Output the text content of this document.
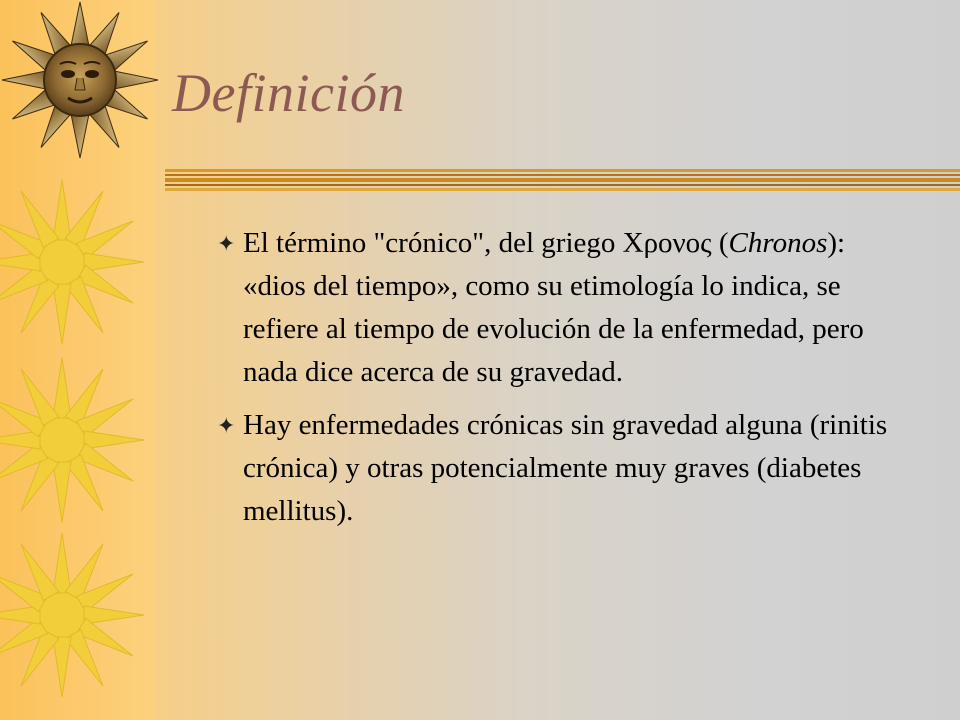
Definición
✦ El término "crónico", del griego Χρονος (Chronos): «dios del tiempo», como su etimología lo indica, se refiere al tiempo de evolución de la enfermedad, pero nada dice acerca de su gravedad.
✦ Hay enfermedades crónicas sin gravedad alguna (rinitis crónica) y otras potencialmente muy graves (diabetes mellitus).
